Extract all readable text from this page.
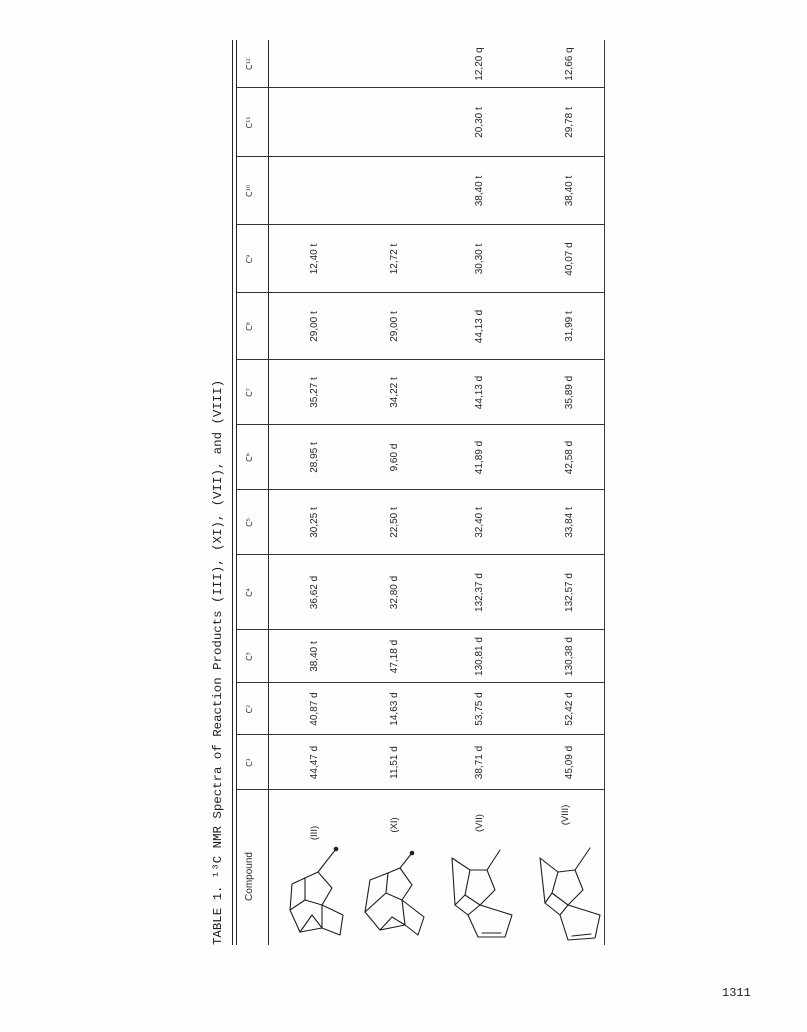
TABLE 1. ¹³C NMR Spectra of Reaction Products (III), (XI), (VII), and (VIII)	Compound
C¹
C²
C³
C⁴
C⁵
C⁶
C⁷
C⁸
C⁹
C¹⁰
C¹¹
C¹²
(III)
44,47 d
40,87 d
38,40 t
36,62 d
30,25 t
28,95 t
35,27 t
29,00 t
12,40 t
(XI)
11,51 d
14,63 d
47,18 d
32,80 d
22,50 t
9,60 d
34,22 t
29,00 t
12,72 t
(VII)
38,71 d
53,75 d
130,81 d
132,37 d
32,40 t
41,89 d
44,13 d
44,13 d
30,30 t
38,40 t
20,30 t
12,20 q
(VIII)
45,09 d
52,42 d
130,38 d
132,57 d
33,84 t
42,58 d
35,89 d
31,99 t
40,07 d
38,40 t
29,78 t
12,66 q
1311
